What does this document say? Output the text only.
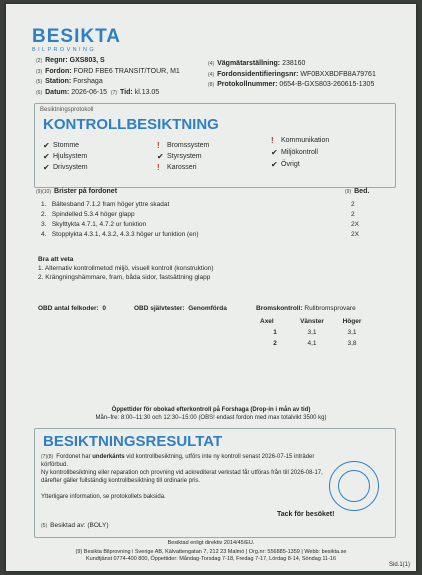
BESIKTA
BILPROVNING
(2) Regnr: GXS803, S
(3) Fordon: FORD FBE6 TRANSIT/TOUR, M1
(5) Station: Forshaga
(6) Datum: 2026-06-15 (7) Tid: kl.13.05
(4) Vägmätarställning: 238160
(4) Fordonsidentifieringsnr: WF0BXXBDFB8A79761
(8) Protokollnummer: 0654-B-GXS803-260615-1305
Besiktningsprotokoll
KONTROLLBESIKTNING
✔ Stomme
✔ Hjulsystem
✔ Drivsystem
!	Bromssystem
✔ Styrsystem
!	Karosseri
!	Kommunikation
✔ Miljökontroll
✔ Övrigt
(9)(10) Brister på fordonet	(9) Bed.
1. Bältesband 7.1.2 fram höger yttre skadat	2
2. Spindelled 5.3.4 höger glapp	2
3. Skylttykta 4.7.1, 4.7.2 ur funktion	2X
4. Stopplykta 4.3.1, 4.3.2, 4.3.3 höger ur funktion (en)	2X
Bra att veta
1. Alternativ kontrollmetod miljö, visuell kontroll (konstruktion)
2. Krängningshämmare, fram, båda sidor, fastsättning glapp
OBD antal felkoder: 0	OBD självtester: Genomförda	Bromskontroll: Rullbromsprovare
Axel	Vänster	Höger
1	3,1	3,1
2	4,1	3,8
Öppettider för obokad efterkontroll på Forshaga (Drop-in i mån av tid)
Mån–fre: 8:00–11:30 och 12:30–15:00 (OBS! endast fordon med max totalvikt 3500 kg)
BESIKTNINGSRESULTAT
(7)(8) Fordonet har underkänts vid kontrollbesiktning, utförs inte ny kontroll senast 2026-07-15 inträder körförbud.
Ny kontrollbesiktning eller reparation och provning vid ackrediterat verkstad får utföras från till 2026-08-17, därefter gäller fullständig kontrollbesiktning till ordinarie pris.
Ytterligare information, se protokollets baksida.
Tack för besöket!
(5) Besiktad av: (BOLY)
Besiktad enligt direktiv 2014/45/EU.
(9) Besikta Bilprovning i Sverige AB, Kälvattengatan 7, 212 23 Malmö | Org.nr: 556885-1359 | Webb: besikta.se
Kundtjänst 0774-400 800, Öppettider: Måndag-Torsdag 7-18, Fredag 7-17, Lördag 8-14, Söndag 11-16
Sid.1(1)
